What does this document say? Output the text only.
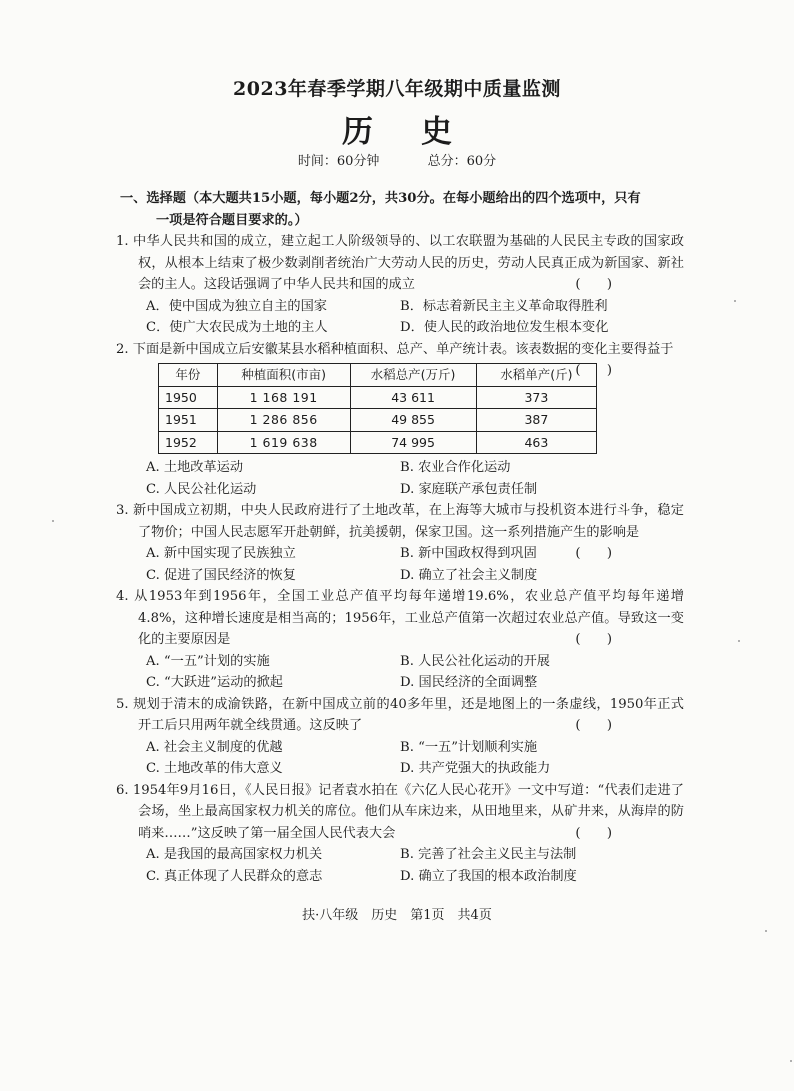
2023年春季学期八年级期中质量监测
历史
时间：60分钟	总分：60分
一、选择题（本大题共15小题，每小题2分，共30分。在每小题给出的四个选项中，只有
一项是符合题目要求的。）
1. 中华人民共和国的成立，建立起工人阶级领导的、以工农联盟为基础的人民民主专政的国家政权，从根本上结束了极少数剥削者统治广大劳动人民的历史，劳动人民真正成为新国家、新社会的主人。这段话强调了中华人民共和国的成立	(　　)
A．使中国成为独立自主的国家	B．标志着新民主主义革命取得胜利
C．使广大农民成为土地的主人	D．使人民的政治地位发生根本变化
2. 下面是新中国成立后安徽某县水稻种植面积、总产、单产统计表。该表数据的变化主要得益于
(　　)
年份	种植面积(市亩)	水稻总产(万斤)	水稻单产(斤)
1950	1 168 191	43 611	373
1951	1 286 856	49 855	387
1952	1 619 638	74 995	463
A. 土地改革运动	B. 农业合作化运动
C. 人民公社化运动	D. 家庭联产承包责任制
3. 新中国成立初期，中央人民政府进行了土地改革，在上海等大城市与投机资本进行斗争，稳定了物价；中国人民志愿军开赴朝鲜，抗美援朝，保家卫国。这一系列措施产生的影响是
(　　)
A. 新中国实现了民族独立	B. 新中国政权得到巩固
C. 促进了国民经济的恢复	D. 确立了社会主义制度
4. 从1953年到1956年，全国工业总产值平均每年递增19.6%，农业总产值平均每年递增4.8%，这种增长速度是相当高的；1956年，工业总产值第一次超过农业总产值。导致这一变化的主要原因是	(　　)
A. “一五”计划的实施	B. 人民公社化运动的开展
C. “大跃进”运动的掀起	D. 国民经济的全面调整
5. 规划于清末的成渝铁路，在新中国成立前的40多年里，还是地图上的一条虚线，1950年正式开工后只用两年就全线贯通。这反映了	(　　)
A. 社会主义制度的优越	B. “一五”计划顺利实施
C. 土地改革的伟大意义	D. 共产党强大的执政能力
6. 1954年9月16日，《人民日报》记者袁水拍在《六亿人民心花开》一文中写道：“代表们走进了会场，坐上最高国家权力机关的席位。他们从车床边来，从田地里来，从矿井来，从海岸的防哨来……”这反映了第一届全国人民代表大会	(　　)
A. 是我国的最高国家权力机关	B. 完善了社会主义民主与法制
C. 真正体现了人民群众的意志	D. 确立了我国的根本政治制度
扶·八年级　历史　第1页　共4页
